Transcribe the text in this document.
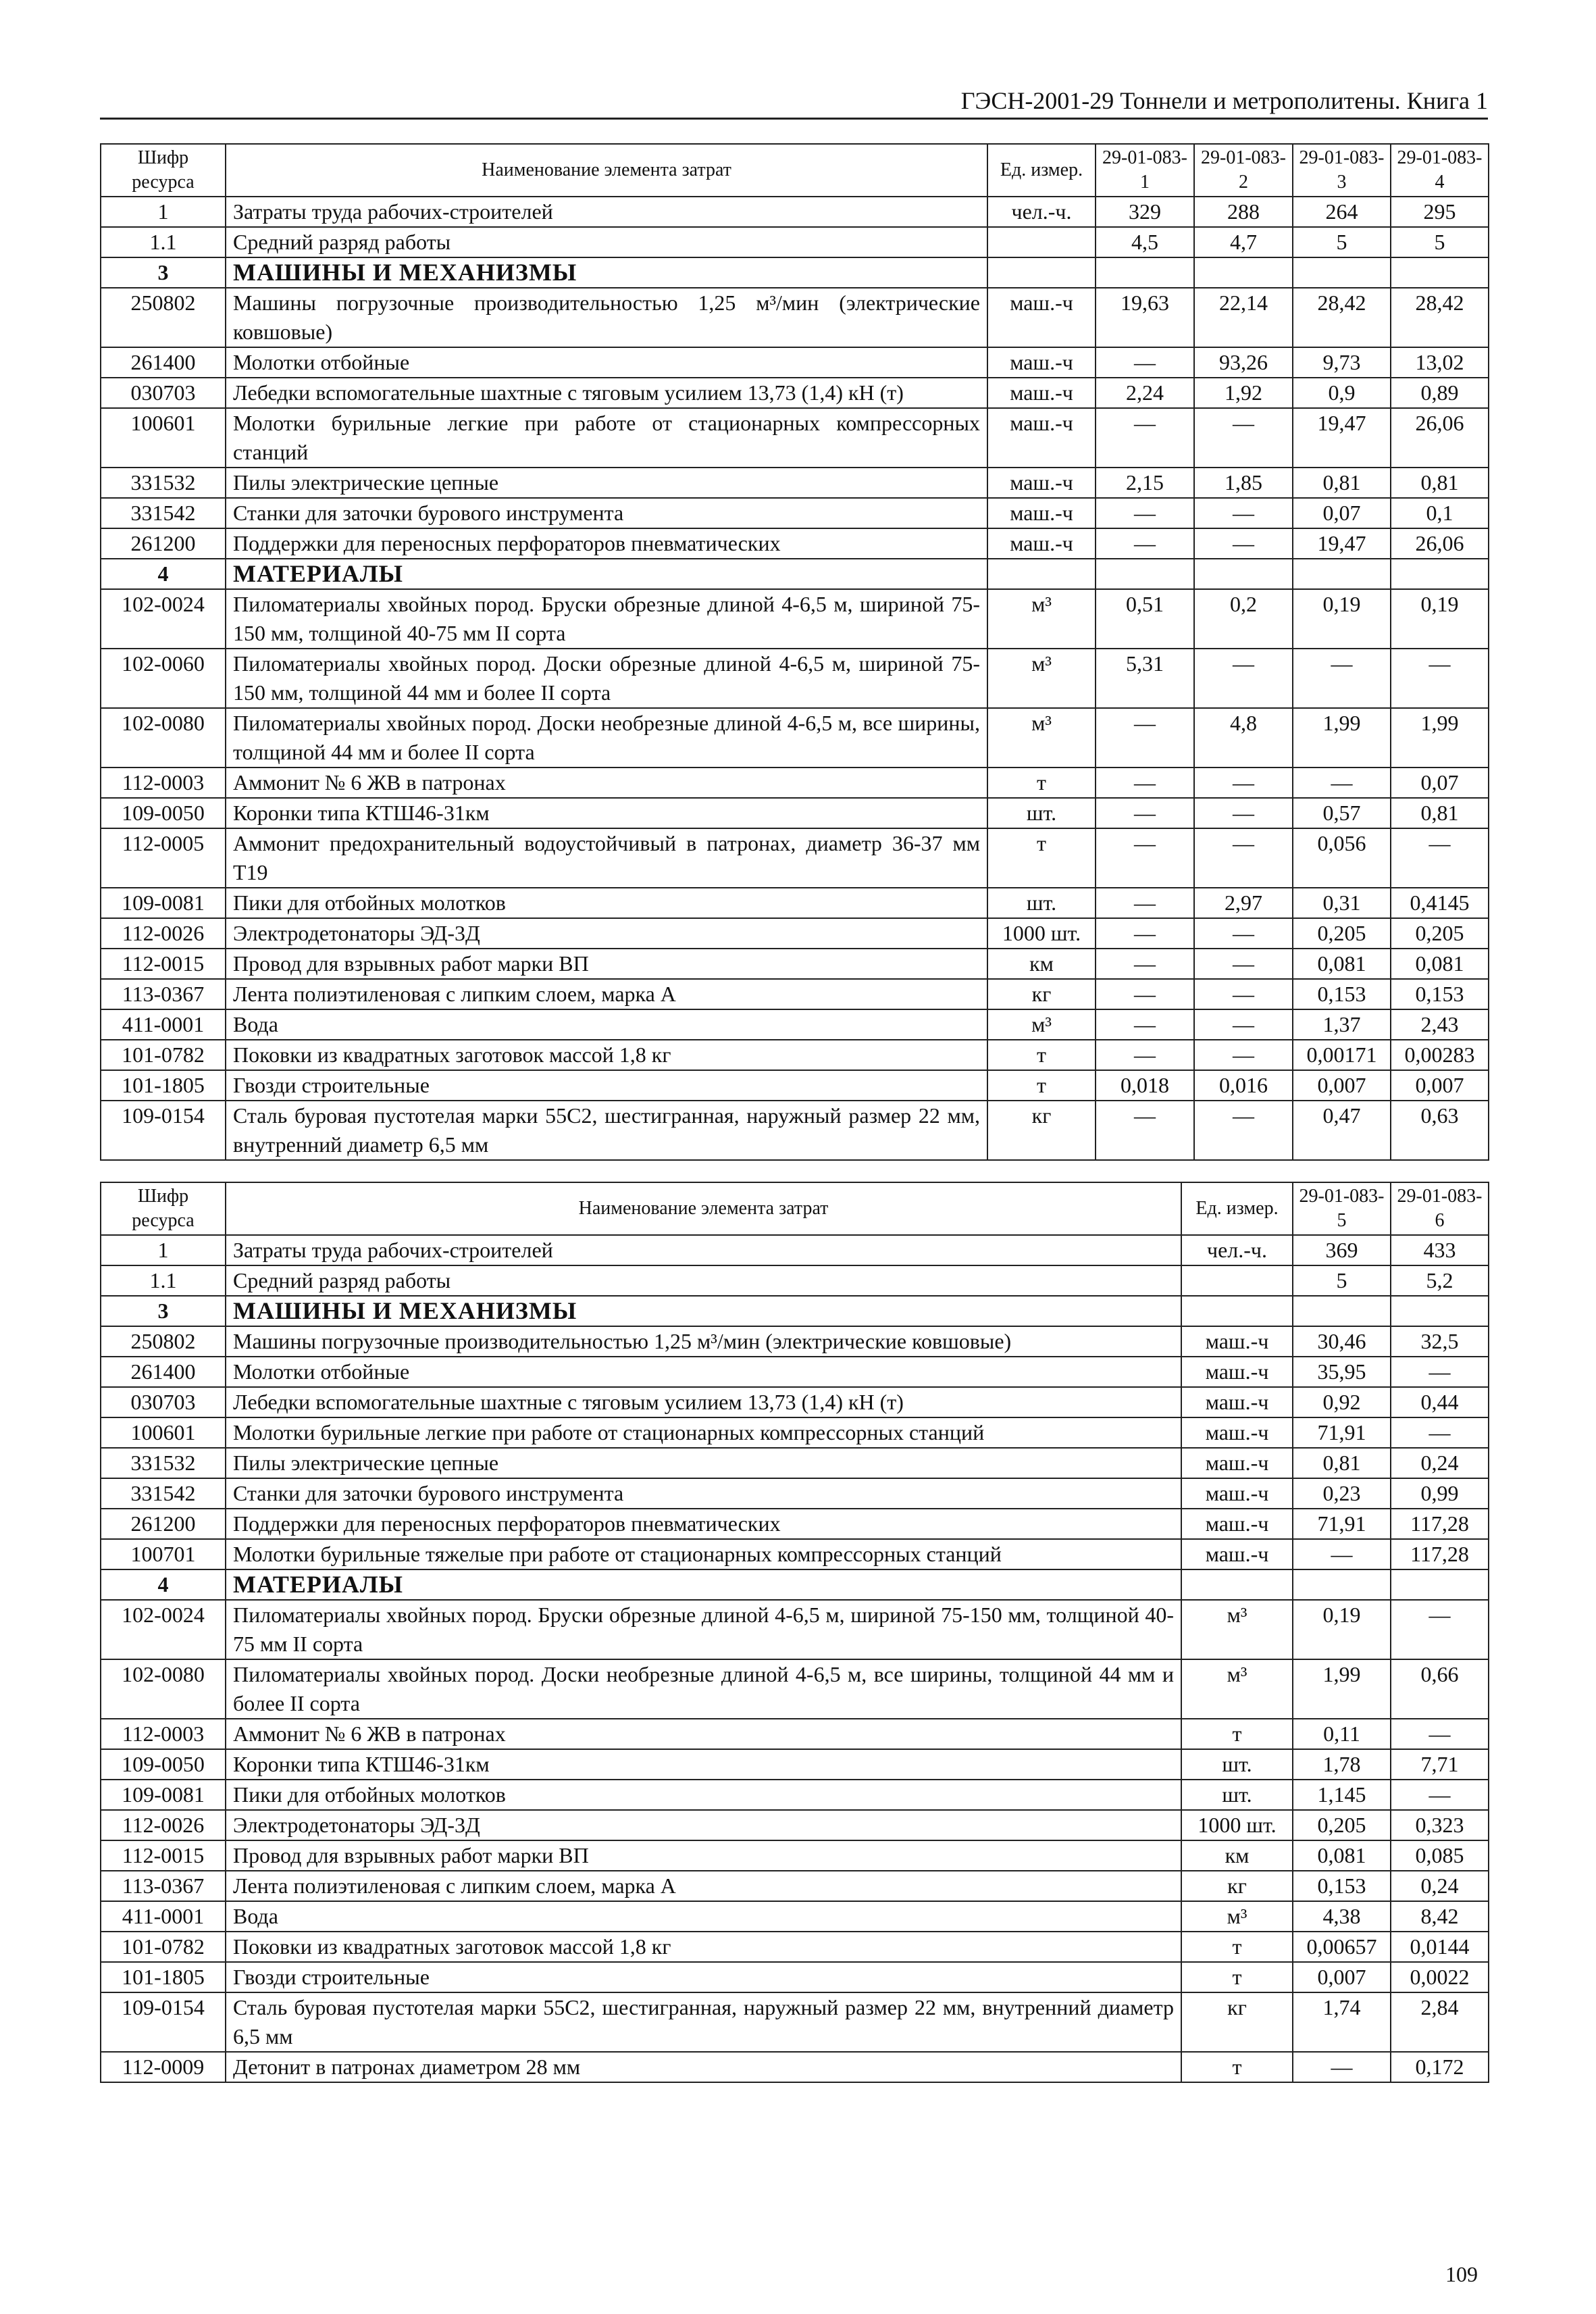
ГЭСН-2001-29 Тоннели и метрополитены. Книга 1
Шифр ресурса	Наименование элемента затрат	Ед. измер.	29-01-083-1	29-01-083-2	29-01-083-3	29-01-083-4
1	Затраты труда рабочих-строителей	чел.-ч.	329	288	264	295
1.1	Средний разряд работы		4,5	4,7	5	5
3	МАШИНЫ И МЕХАНИЗМЫ					
250802	Машины погрузочные производительностью 1,25 м³/мин (электрические ковшовые)	маш.-ч	19,63	22,14	28,42	28,42
261400	Молотки отбойные	маш.-ч	—	93,26	9,73	13,02
030703	Лебедки вспомогательные шахтные с тяговым усилием 13,73 (1,4) кН (т)	маш.-ч	2,24	1,92	0,9	0,89
100601	Молотки бурильные легкие при работе от стационарных компрессорных станций	маш.-ч	—	—	19,47	26,06
331532	Пилы электрические цепные	маш.-ч	2,15	1,85	0,81	0,81
331542	Станки для заточки бурового инструмента	маш.-ч	—	—	0,07	0,1
261200	Поддержки для переносных перфораторов пневматических	маш.-ч	—	—	19,47	26,06
4	МАТЕРИАЛЫ					
102-0024	Пиломатериалы хвойных пород. Бруски обрезные длиной 4-6,5 м, шириной 75-150 мм, толщиной 40-75 мм II сорта	м³	0,51	0,2	0,19	0,19
102-0060	Пиломатериалы хвойных пород. Доски обрезные длиной 4-6,5 м, шириной 75-150 мм, толщиной 44 мм и более II сорта	м³	5,31	—	—	—
102-0080	Пиломатериалы хвойных пород. Доски необрезные длиной 4-6,5 м, все ширины, толщиной 44 мм и более II сорта	м³	—	4,8	1,99	1,99
112-0003	Аммонит № 6 ЖВ в патронах	т	—	—	—	0,07
109-0050	Коронки типа КТШ46-31км	шт.	—	—	0,57	0,81
112-0005	Аммонит предохранительный водоустойчивый в патронах, диаметр 36-37 мм Т19	т	—	—	0,056	—
109-0081	Пики для отбойных молотков	шт.	—	2,97	0,31	0,4145
112-0026	Электродетонаторы ЭД-3Д	1000 шт.	—	—	0,205	0,205
112-0015	Провод для взрывных работ марки ВП	км	—	—	0,081	0,081
113-0367	Лента полиэтиленовая с липким слоем, марка А	кг	—	—	0,153	0,153
411-0001	Вода	м³	—	—	1,37	2,43
101-0782	Поковки из квадратных заготовок массой 1,8 кг	т	—	—	0,00171	0,00283
101-1805	Гвозди строительные	т	0,018	0,016	0,007	0,007
109-0154	Сталь буровая пустотелая марки 55С2, шестигранная, наружный размер 22 мм, внутренний диаметр 6,5 мм	кг	—	—	0,47	0,63
Шифр ресурса	Наименование элемента затрат	Ед. измер.	29-01-083-5	29-01-083-6
1	Затраты труда рабочих-строителей	чел.-ч.	369	433
1.1	Средний разряд работы		5	5,2
3	МАШИНЫ И МЕХАНИЗМЫ			
250802	Машины погрузочные производительностью 1,25 м³/мин (электрические ковшовые)	маш.-ч	30,46	32,5
261400	Молотки отбойные	маш.-ч	35,95	—
030703	Лебедки вспомогательные шахтные с тяговым усилием 13,73 (1,4) кН (т)	маш.-ч	0,92	0,44
100601	Молотки бурильные легкие при работе от стационарных компрессорных станций	маш.-ч	71,91	—
331532	Пилы электрические цепные	маш.-ч	0,81	0,24
331542	Станки для заточки бурового инструмента	маш.-ч	0,23	0,99
261200	Поддержки для переносных перфораторов пневматических	маш.-ч	71,91	117,28
100701	Молотки бурильные тяжелые при работе от стационарных компрессорных станций	маш.-ч	—	117,28
4	МАТЕРИАЛЫ			
102-0024	Пиломатериалы хвойных пород. Бруски обрезные длиной 4-6,5 м, шириной 75-150 мм, толщиной 40-75 мм II сорта	м³	0,19	—
102-0080	Пиломатериалы хвойных пород. Доски необрезные длиной 4-6,5 м, все ширины, толщиной 44 мм и более II сорта	м³	1,99	0,66
112-0003	Аммонит № 6 ЖВ в патронах	т	0,11	—
109-0050	Коронки типа КТШ46-31км	шт.	1,78	7,71
109-0081	Пики для отбойных молотков	шт.	1,145	—
112-0026	Электродетонаторы ЭД-3Д	1000 шт.	0,205	0,323
112-0015	Провод для взрывных работ марки ВП	км	0,081	0,085
113-0367	Лента полиэтиленовая с липким слоем, марка А	кг	0,153	0,24
411-0001	Вода	м³	4,38	8,42
101-0782	Поковки из квадратных заготовок массой 1,8 кг	т	0,00657	0,0144
101-1805	Гвозди строительные	т	0,007	0,0022
109-0154	Сталь буровая пустотелая марки 55С2, шестигранная, наружный размер 22 мм, внутренний диаметр 6,5 мм	кг	1,74	2,84
112-0009	Детонит в патронах диаметром 28 мм	т	—	0,172
109
